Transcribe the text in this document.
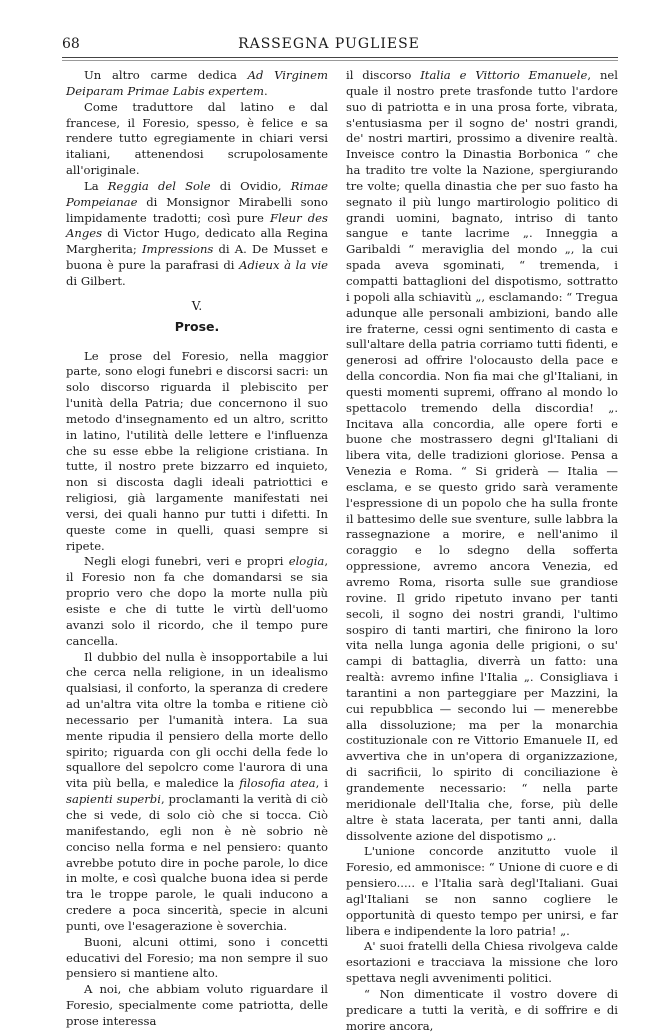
68	RASSEGNA PUGLIESE

Un altro carme dedica Ad Virginem Deiparam Primae Labis expertem.

Come traduttore dal latino e dal francese, il Foresio, spesso, è felice e sa rendere tutto egregiamente in chiari versi italiani, attenendosi scrupolosamente all'originale.

La Reggia del Sole di Ovidio, Rimae Pompeianae di Monsignor Mirabelli sono limpidamente tradotti; così pure Fleur des Anges di Victor Hugo, dedicato alla Regina Margherita; Impressions di A. De Musset e buona è pure la parafrasi di Adieux à la vie di Gilbert.

V.
Prose.

Le prose del Foresio, nella maggior parte, sono elogi funebri e discorsi sacri: un solo discorso riguarda il plebiscito per l'unità della Patria; due concernono il suo metodo d'insegnamento ed un altro, scritto in latino, l'utilità delle lettere e l'influenza che su esse ebbe la religione cristiana. In tutte, il nostro prete bizzarro ed inquieto, non si discosta dagli ideali patriottici e religiosi, già largamente manifestati nei versi, dei quali hanno pur tutti i difetti. In queste come in quelli, quasi sempre si ripete.

Negli elogi funebri, veri e propri elogia, il Foresio non fa che domandarsi se sia proprio vero che dopo la morte nulla più esiste e che di tutte le virtù dell'uomo avanzi solo il ricordo, che il tempo pure cancella.

Il dubbio del nulla è insopportabile a lui che cerca nella religione, in un idealismo qualsiasi, il conforto, la speranza di credere ad un'altra vita oltre la tomba e ritiene ciò necessario per l'umanità intera. La sua mente ripudia il pensiero della morte dello spirito; riguarda con gli occhi della fede lo squallore del sepolcro come l'aurora di una vita più bella, e maledice la filosofia atea, i sapienti superbi, proclamanti la verità di ciò che si vede, di solo ciò che si tocca. Ciò manifestando, egli non è nè sobrio nè conciso nella forma e nel pensiero: quanto avrebbe potuto dire in poche parole, lo dice in molte, e così qualche buona idea si perde tra le troppe parole, le quali inducono a credere a poca sincerità, specie in alcuni punti, ove l'esagerazione è soverchia.

Buoni, alcuni ottimi, sono i concetti educativi del Foresio; ma non sempre il suo pensiero si mantiene alto.

A noi, che abbiam voluto riguardare il Foresio, specialmente come patriotta, delle prose interessa

il discorso Italia e Vittorio Emanuele, nel quale il nostro prete trasfonde tutto l'ardore suo di patriotta e in una prosa forte, vibrata, s'entusiasma per il sogno de' nostri grandi, de' nostri martiri, prossimo a divenire realtà. Inveisce contro la Dinastia Borbonica “ che ha tradito tre volte la Nazione, spergiurando tre volte; quella dinastia che per suo fasto ha segnato il più lungo martirologio politico di grandi uomini, bagnato, intriso di tanto sangue e tante lacrime „. Inneggia a Garibaldi “ meraviglia del mondo „, la cui spada aveva sgominati, “ tremenda, i compatti battaglioni del dispotismo, sottratto i popoli alla schiavitù „, esclamando: “ Tregua adunque alle personali ambizioni, bando alle ire fraterne, cessi ogni sentimento di casta e sull'altare della patria corriamo tutti fidenti, e generosi ad offrire l'olocausto della pace e della concordia. Non fia mai che gl'Italiani, in questi momenti supremi, offrano al mondo lo spettacolo tremendo della discordia! „. Incitava alla concordia, alle opere forti e buone che mostrassero degni gl'Italiani di libera vita, delle tradizioni gloriose. Pensa a Venezia e Roma. “ Si griderà — Italia — esclama, e se questo grido sarà veramente l'espressione di un popolo che ha sulla fronte il battesimo delle sue sventure, sulle labbra la rassegnazione a morire, e nell'animo il coraggio e lo sdegno della sofferta oppressione, avremo ancora Venezia, ed avremo Roma, risorta sulle sue grandiose rovine. Il grido ripetuto invano per tanti secoli, il sogno dei nostri grandi, l'ultimo sospiro di tanti martiri, che finirono la loro vita nella lunga agonia delle prigioni, o su' campi di battaglia, diverrà un fatto: una realtà: avremo infine l'Italia „. Consigliava i tarantini a non parteggiare per Mazzini, la cui repubblica — secondo lui — menerebbe alla dissoluzione; ma per la monarchia costituzionale con re Vittorio Emanuele II, ed avvertiva che in un'opera di organizzazione, di sacrificii, lo spirito di conciliazione è grandemente necessario: “ nella parte meridionale dell'Italia che, forse, più delle altre è stata lacerata, per tanti anni, dalla dissolvente azione del dispotismo „.

L'unione concorde anzitutto vuole il Foresio, ed ammonisce: “ Unione di cuore e di pensiero..... e l'Italia sarà degl'Italiani. Guai agl'Italiani se non sanno cogliere le opportunità di questo tempo per unirsi, e far libera e indipendente la loro patria! „.

A' suoi fratelli della Chiesa rivolgeva calde esortazioni e tracciava la missione che loro spettava negli avvenimenti politici.

“ Non dimenticate il vostro dovere di predicare a tutti la verità, e di soffrire e di morire ancora,
